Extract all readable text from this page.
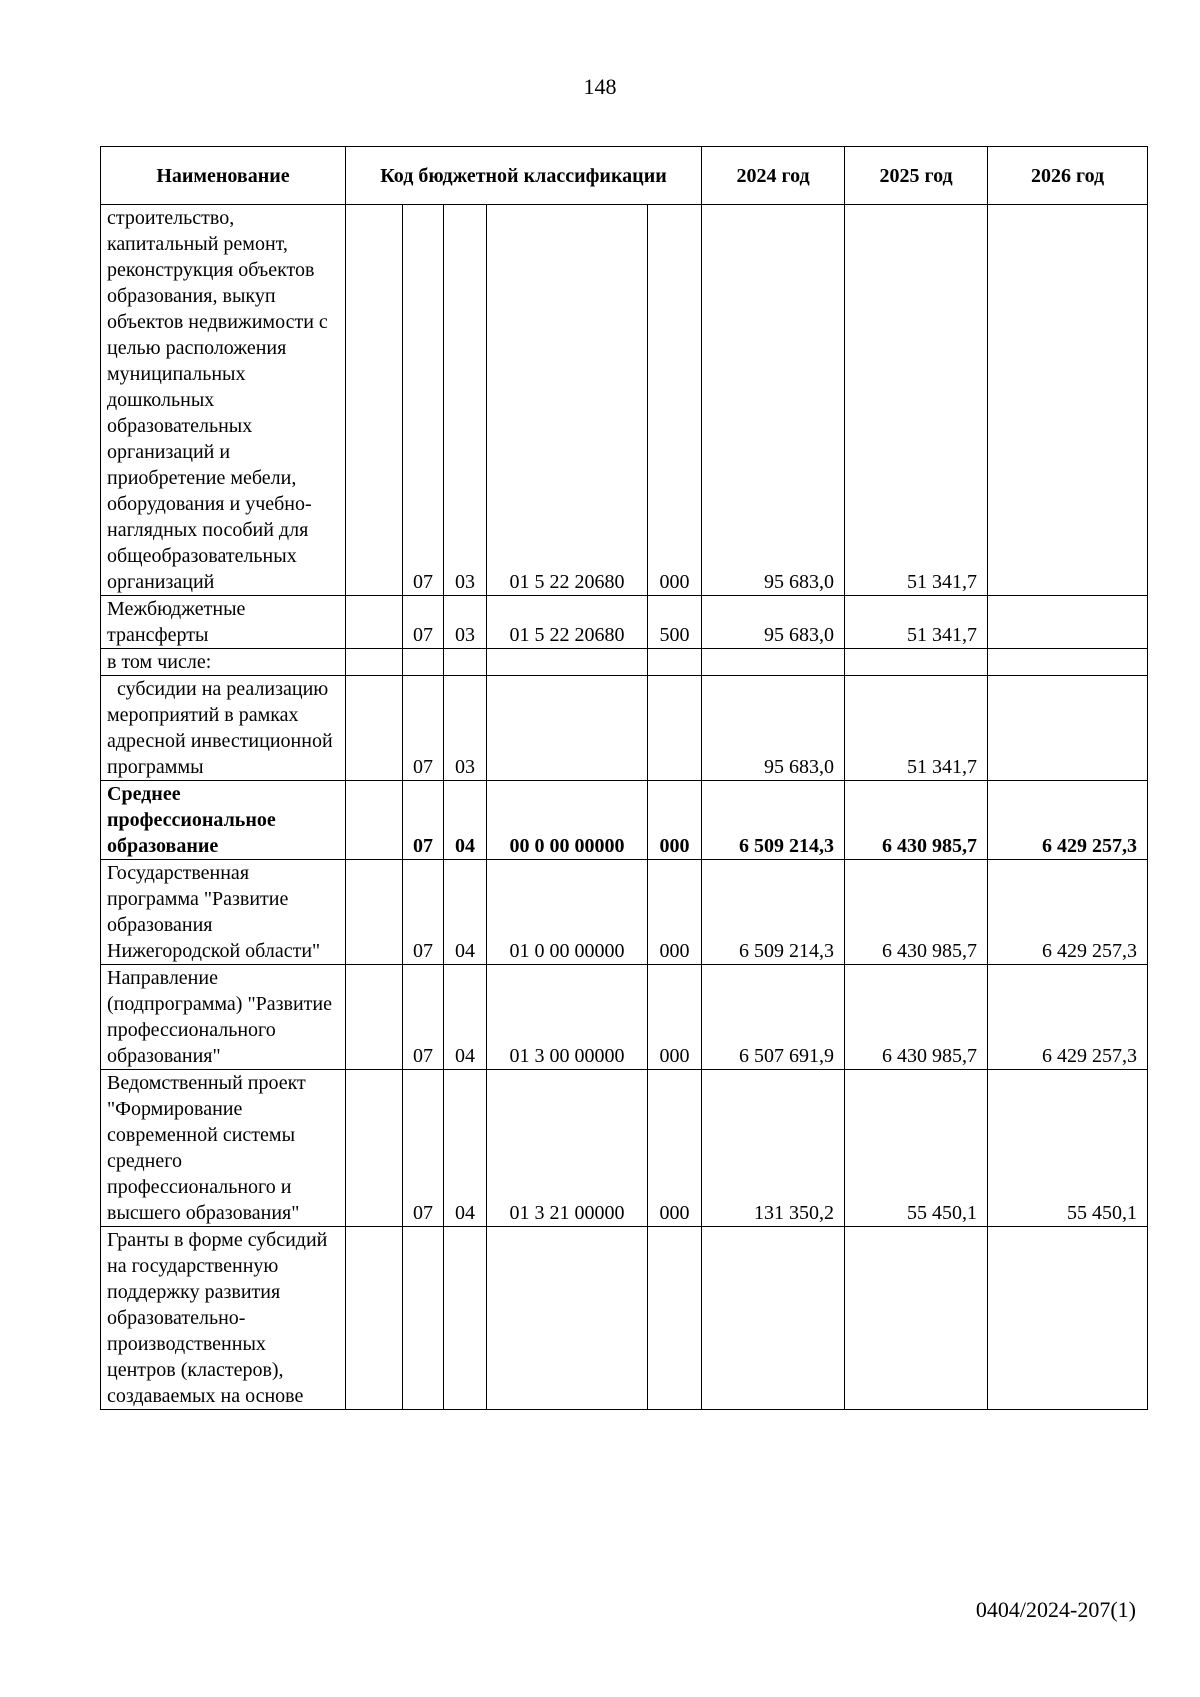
148
Наименование	Код бюджетной классификации					2024 год	2025 год	2026 год
строительство, капитальный ремонт, реконструкция объектов образования, выкуп объектов недвижимости с целью расположения муниципальных дошкольных образовательных организаций и приобретение мебели, оборудования и учебно-наглядных пособий для общеобразовательных организаций		07	03	01 5 22 20680	000	95 683,0	51 341,7	
Межбюджетные трансферты		07	03	01 5 22 20680	500	95 683,0	51 341,7	
в том числе:								
субсидии на реализацию мероприятий в рамках адресной инвестиционной программы		07	03			95 683,0	51 341,7	
Среднее профессиональное образование		07	04	00 0 00 00000	000	6 509 214,3	6 430 985,7	6 429 257,3
Государственная программа "Развитие образования Нижегородской области"		07	04	01 0 00 00000	000	6 509 214,3	6 430 985,7	6 429 257,3
Направление (подпрограмма) "Развитие профессионального образования"		07	04	01 3 00 00000	000	6 507 691,9	6 430 985,7	6 429 257,3
Ведомственный проект "Формирование современной системы среднего профессионального и высшего образования"		07	04	01 3 21 00000	000	131 350,2	55 450,1	55 450,1
Гранты в форме субсидий на государственную поддержку развития образовательно-производственных центров (кластеров), создаваемых на основе								
0404/2024-207(1)
